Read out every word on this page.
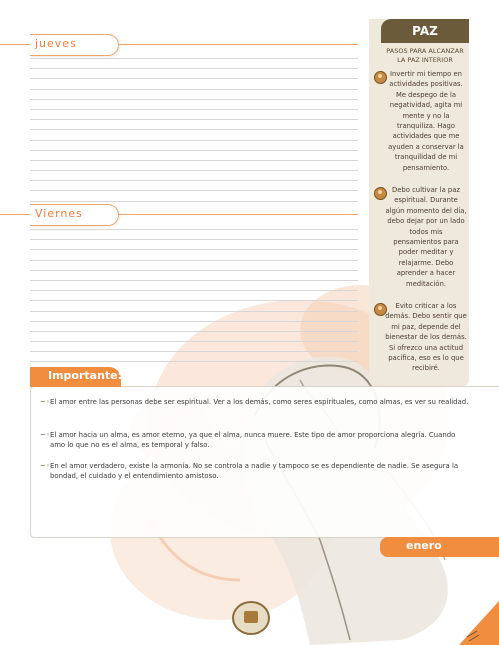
jueves
Viernes
PAZ
PASOS PARA ALCANZAR LA PAZ INTERIOR
Invertir mi tiempo en actividades positivas. Me despego de la negatividad, agita mi mente y no la tranquiliza. Hago actividades que me ayuden a conservar la tranquilidad de mi pensamiento.
Debo cultivar la paz espiritual. Durante algún momento del día, debo dejar por un lado todos mis pensamientos para poder meditar y relajarme. Debo aprender a hacer meditación.
Evito criticar a los demás. Debo sentir que mi paz, depende del bienestar de los demás. Si ofrezco una actitud pacífica, eso es lo que recibiré.
Importante:
~◦El amor entre las personas debe ser espiritual. Ver a los demás, como seres espirituales, como almas, es ver su realidad.
~◦El amor hacia un alma, es amor eterno, ya que el alma, nunca muere. Este tipo de amor proporciona alegría. Cuando amo lo que no es el alma, es temporal y falso.
~◦En el amor verdadero, existe la armonía. No se controla a nadie y tampoco se es dependiente de nadie. Se asegura la bondad, el cuidado y el entendimiento amistoso.
enero
